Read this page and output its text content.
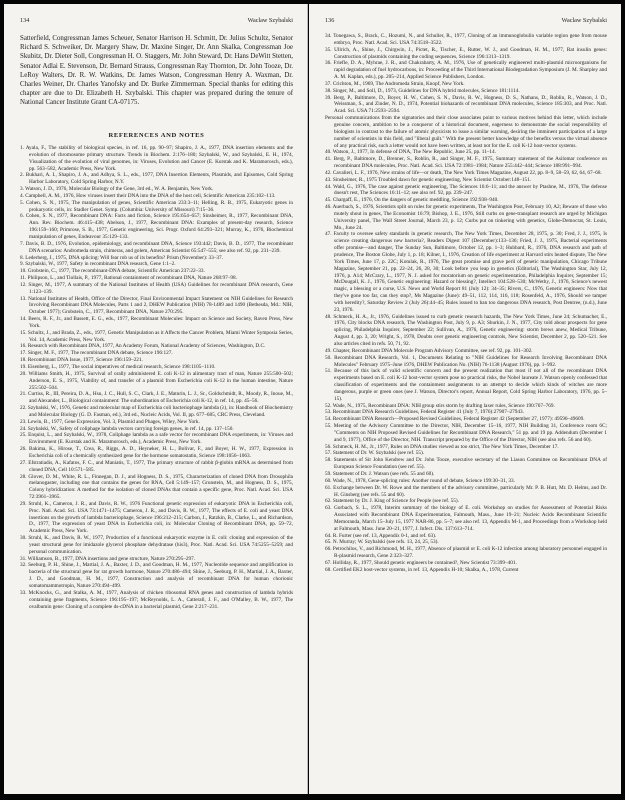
134	Waclaw Szybalski

Satterfield, Congressman James Scheuer, Senator Harrison H. Schmitt, Dr. Julius Schultz, Senator Richard S. Schweiker, Dr. Margery Shaw, Dr. Maxine Singer, Dr. Ann Skalka, Congressman Joe Skubitz, Dr. Dieter Soll, Congressman H. O. Staggers, Mr. John Steward, Dr. Hans DeWitt Stetten, Senator Adlai E. Stevenson, Dr. Bernard Strauss, Congressman Ray Thornton, Dr. John Tooze, Dr. LeRoy Walters, Dr. R. W. Watkins, Dr. James Watson, Congressman Henry A. Waxman, Dr. Charles Weiner, Dr. Charles Yanofsky and Dr. Burke Zimmerman. Special thanks for editing this chapter are due to Dr. Elizabeth H. Szybalski. This chapter was prepared during the tenure of National Cancer Institute Grant CA-07175.

REFERENCES AND NOTES
1. Ayala, F., The stability of biological species, in ref. 16, pp. 90–97; Shapiro, J. A., 1977, DNA insertion elements and the evolution of chromosome primary structure. Trends in Biochem. 2:176–180; Szybalski, W., and Szybalski, E. H., 1974, Visualization of the evolution of viral genomes, in: Viruses, Evolution and Cancer (E. Kurstak and K. Maramorosch, eds.), pp. 563–582, Academic Press, New York.
2. Bukhari, A. I., Shapiro, J. A., and Adhya, S. L., eds., 1977, DNA Insertion Elements, Plasmids, and Episomes, Cold Spring Harbor Laboratory, Cold Spring Harbor, N.Y.
3. Watson, J. D., 1976, Molecular Biology of the Gene, 3rd ed., W. A. Benjamin, New York.
4. Campbell, A. M., 1976, How viruses insert their DNA into the DNA of the host cell, Scientific American 235:102–113.
5. Cohen, S. N., 1975, The manipulation of genes, Scientific American 233:3–11; Helling, R. B., 1975, Eukaryotic genes in prokaryotic cells, in: Stadler Genet. Symp. (Columbia: University of Missouri) 7:15–36.
6. Cohen, S. N., 1977, Recombinant DNA: Facts and fiction, Science 195:654–657; Sinsheimer, R., 1977, Recombinant DNA, Ann. Rev. Biochem. 46:415–438; Abelson, J., 1977, Recombinant DNA: Examples of present-day research, Science 196:159–160; Primrose, S. B., 1977, Genetic engineering, Sci. Progr. Oxford 64:293–321; Murray, K., 1976, Biochemical manipulation of genes, Endeavour 35:129–133.
7. Davis, B. D., 1976, Evolution, epidemiology, and recombinant DNA, Science 193:442; Davis, B. D., 1977, The recombinant DNA scenarios: Andromeda strain, chimeras, and golem, American Scientist 65:547–555; see also ref. 92, pp. 231–239.
8. Lederberg, J., 1975, DNA splicing: Will fear rob us of its benefits? Prism (November): 33–37.
9. Szybalski, W., 1977, Safety in recombinant DNA research, Gene 1:1–2.
10. Grobstein, C., 1977, The recombinant-DNA debate, Scientific American 237:22–33.
11. Philipson, L., and Tiollais, P., 1977, Rational containment of recombinant DNA, Nature 268:97–98.
12. Singer, M., 1977, A summary of the National Institutes of Health (USA) Guidelines for recombinant DNA research, Gene 1:123–139.
13. National Institutes of Health, Office of the Director, Final Environmental Impact Statement on NIH Guidelines for Research Involving Recombinant DNA Molecules, Parts 1 and 2, DHEW Publication (NIH) 78-1489 and 1490 (Bethesda, Md.: NIH, October 1977); Grobstein, C., 1977, Recombinant DNA, Nature 270:295.
14. Beers, R. F., Jr., and Bassett, E. G., eds., 1977, Recombinant Molecules: Impact on Science and Society, Raven Press, New York.
15. Schultz, J., and Brada, Z., eds., 1977, Genetic Manipulation as it Affects the Cancer Problem, Miami Winter Symposia Series, Vol. 14, Academic Press, New York.
16. Research with Recombinant DNA, 1977, An Academy Forum, National Academy of Sciences, Washington, D.C.
17. Singer, M. F., 1977, The recombinant DNA debate, Science 196:127.
18. Recombinant DNA Issue, 1977, Science 196:159–221.
19. Eisenberg, L., 1977, The social imperatives of medical research, Science 198:1105–1110.
20. Williams Smith, H., 1975, Survival of orally administered E. coli K-12 in alimentary tract of man, Nature 255:500–502; Anderson, E. S., 1975, Viability of, and transfer of a plasmid from Escherichia coli K-12 in the human intestine, Nature 255:502–504.
21. Curtiss, R., III, Pereira, D. A., Hsu, J. C., Hull, S. C., Clark, J. E., Maturin, L. J., Sr., Goldschmidt, R., Moody, R., Inoue, M., and Alexander, L., Biological containment: The subordination of Escherichia coli K-12, in ref. 14, pp. 45–56.
22. Szybalski, W., 1976, Genetic and molecular map of Escherichia coli bacteriophage lambda (λ), in: Handbook of Biochemistry and Molecular Biology (G. D. Fasman, ed.), 3rd ed., Nucleic Acids, Vol. II, pp. 677–685, CRC Press, Cleveland.
23. Lewin, B., 1977, Gene Expression, Vol. 3, Plasmid and Phages, Wiley, New York.
24. Szybalski, W., Safety of coliphage lambda vectors carrying foreign genes, in ref. 14, pp. 137–150.
25. Enquist, L., and Szybalski, W., 1978, Coliphage lambda as a safe vector for recombinant DNA experiments, in: Viruses and Environment (E. Kurstak and K. Maramorosch, eds.), Academic Press, New York.
26. Bakima, K., Hirose, T., Crea, R., Riggs, A. D., Heyneker, H. L., Bolivar, F., and Boyer, H. W., 1977, Expression in Escherichia coli of a chemically synthesized gene for the hormone somatostatin, Science 198:1056–1063.
27. Efstratiadis, A., Kafatos, F. C., and Maniatis, T., 1977, The primary structure of rabbit β-globin mRNA as determined from cloned DNA, Cell 10:571–585.
28. Glover, D. M., White, R. L., Finnegan, D. J., and Hogness, D. S., 1975, Characterization of cloned DNA from Drosophila melanogaster, including one that contains the genes for RNA, Cell 5:149–157; Grunstein, M., and Hogness, D. S., 1975, Colony hybridization: A method for the isolation of cloned DNAs that contain a specific gene, Proc. Natl. Acad. Sci. USA 72:3961–3965.
29. Struhl, K., Cameron, J. R., and Davis, R. W., 1976 Functional genetic expression of eukaryotic DNA in Escherichia coli, Proc. Natl. Acad. Sci. USA 73:1471–1475; Cameron, J. R., and Davis, R. W., 1977, The effects of E. coli and yeast DNA insertions on the growth of lambda bacteriophage, Science 196:212–215; Carbon, J., Ratzkin, B., Clarke, L., and Richardson, D., 1977, The expression of yeast DNA in Escherichia coli, in: Molecular Cloning of Recombinant DNA, pp. 59–72, Academic Press, New York.
30. Struhl, K., and Davis, R. W., 1977, Production of a functional eukaryotic enzyme in E. coli: cloning and expression of the yeast structural gene for imidazole glycerol phosphate dehydratase (his3), Proc. Natl. Acad. Sci. USA 74:5255–5259; and personal communication.
31. Williamson, B., 1977, DNA insertions and gene structure, Nature 270:295–297.
32. Seeburg, P. H., Shine, J., Martial, J. A., Baxter, J. D., and Goodman, H. M., 1977, Nucleotide sequence and amplification in bacteria of the structural gene for rat growth hormone, Nature 270:486–494; Shine, J., Seeburg, P. H., Martial, J. A., Baxter, J. D., and Goodman, H. M., 1977, Construction and analysis of recombinant DNA for human chorionic somatomammotropin, Nature 270:494–499.
33. McKnocks, G., and Stalka, A. M., 1977, Analysis of chicken ribosomal RNA genes and construction of lambda hybrids containing gene fragments, Science 196:195–197; McReynolds, L. A., Catterall, J. F., and O'Malley, B. W., 1977, The ovalbumin gene: Cloning of a complete ds-cDNA in a bacterial plasmid, Gene 2:217–231.
136	Waclaw Szybalski
34. Tonegawa, S., Brack, C., Hozumi, N., and Schuller, R., 1977, Cloning of an immunoglobulin variable region gene from mouse embryo, Proc. Natl. Acad. Sci. USA 74:3518–3522.
35. Ullrich, A., Shine, J., Chirgwin, J., Pictet, R., Tischer, E., Rutter, W. J., and Goodman, H. M., 1977, Rat insulin genes: Construction of plasmids containing the coding sequences, Science 196:1313–1319.
36. Friefle, D. A., Myhrae, J. R., and Chakrabarty, A. M., 1976, Use of genetically engineered multi-plasmid microorganisms for rapid degradation of fuel hydrocarbons, in: Proceeding of the Third International Biodegradation Symposium (J. M. Sharpley and A. M. Kaplan, eds.), pp. 205–214, Applied Science Publishers, London.
37. Crichton, M., 1969, The Andromeda Strain, Knopf, New York.
38. Singer, M., and Soll, D., 1973, Guidelines for DNA hybrid molecules, Science 181:1114.
39. Berg, P., Baltimore, D., Boyer, H. W., Cohen, S. N., Davis, R. W., Hogness, D. S., Nathans, D., Roblin, R., Watson, J. D., Weissman, S., and Zinder, N. D., 1974, Potential biohazards of recombinant DNA molecules, Science 185:303, and Proc. Natl. Acad. Sci. USA 71:2593–2594.
Personal communications from the signatories and their close associates point to various motives behind this letter, which include genuine concern, ambition to be a conqueror of a historical document, eagerness to demonstrate the social responsibility of biologists in contrast to the failure of atomic physicists to issue a similar warning, desiring the imminent participation of a large number of scientists in this field, and "liberal guilt." With the present better knowledge of the benefits versus the virtual absence of any practical risk, such a letter would not have been written, at least not for the E. coli K-12 host-vector systems.
40. Watson, J., 1977, In defense of DNA, The New Republic, June 25, pp. 11–14.
41. Berg, P., Baltimore, D., Brenner, S., Roblin, R., and Singer, M. F., 1975, Summary statement of the Asilomar conference on recombinant DNA molecules, Proc. Natl. Acad. Sci. USA 72:1981–1984; Nature 255:442–444; Science 188:991–994.
42. Cavalieri, L. F., 1976, New strains of life—or death, The New York Times Magazine, August 22, pp. 8–9, 58–59, 62, 64, 67–68.
43. Sinsheimer, R., 1975 Troubled dawn for genetic engineering, New Scientist October:148–151.
44. Wald, G., 1976, The case against genetic engineering, The Sciences 16:6–11; and the answer by Ptashne, M., 1976, The defense doesn't rest, The Sciences 16:11–12; see also ref. 92, pp. 239–247.
45. Chargaff, E., 1976, On the dangers of genetic meddling, Science 192:938–940.
46. Auerbach, S., 1976, Scientists split on rules for genetic experiments, The Washington Post, February 10, A2; Beware of those who mutely shout in genes, The Economist 16:79; Bishop, J. E., 1976, Still curbs on gene-transplant research are urged by Michigan University panel, The Wall Street Journal, March 23, p. 12; Curbs put on tinkering with genetics, Globe-Democrat, St. Louis, Mo., June 24.
47. Faculty to oversee safety standards in genetic research, The New York Times, December 28, 1975, p. 30; Fred, J. J., 1975, Is science creating dangerous new bacteria?, Readers Digest 107 (December):133–136; Fried, J. J., 1975, Bacterial experiments offer promise—and danger, The Sunday Sun, Baltimore, October 12, pp. 1–3; Hubbard, R., 1976, DNA research and path of prudence, The Boston Globe, July 1, p. 18; Kilner, I., 1976, Creation of life experiment at Harvard stirs heated dispute, The New York Times, June 17, p. 22C; Kotulak, R., 1976, The great promise and grave peril of genetic manipulation, Chicago Tribune Magazine, September 21, pp. 22–24, 26, 28, 30; Look before you leap in genetics (Editorial), The Washington Star, July 12, 1976, p. A14; McCrary, L., 1977, N. J. asked for moratorium on genetic experimentation, Philadelphia Inquirer, September 15; McDougall, K. J., 1976, Genetic engineering: Hazard or blessing?, Intellect 104:528–530; McWethy, J., 1976, Science's newest magic, a blessing or a curse, U.S. News and World Report 81 (July 12): 34–35; Rivers, C., 1976, Genetic engineers: Now that they've gone too far, can they stop?, Ms Magazine (June): 49–51, 112, 114, 116, 118; Rosenfeld, A., 1976, Should we tamper with heredity?, Saturday Review 2 (July 26):44–45; Rules issued to ban too dangerous DNA research, Post Dentree, (n.d.), June 23, 1976.
48. Schmeck, H. A., Jr., 1976, Guidelines issued to curb genetic research hazards, The New York Times, June 24; Schumacher, E., 1976, City blocks DNA research, The Washington Post, July 9, p. A3; Shurkin, J. N., 1977, City told about prospects for gene splicing, Philadelphia Inquirer, September 22; Sullivan, A., 1976, Genetic engineering: storm brews anew, Medical Tribune, August 4, pp. 3, 20; Wright, S., 1978, Doubts over genetic engineering controls, New Scientist, December 2, pp. 520–521. See also articles cited in refs. 50, 71, 92.
49. Chapter, Recombinant DNA Molecule Program Advisory Committee, see ref. 92, pp. 101–302.
50. Recombinant DNA Research, Vol. 1, Documents Relating to "NIH Guidelines for Research Involving Recombinant DNA Molecules" February 1975–June 1976, DHEW Publication No. (NIH) 76-1138 (August 1976), pp. 1–992.
51. Because of this lack of valid scientific concern and the present realization that most if not all of the recombinant DNA experiments based on E. coli K-12 host-vector system pose no practical risks, the Nobel laureate J. Watson openly confessed that classification of experiments and the containment assignments to an attempt to decide which kinds of witches are more dangerous, purple or green ones (see J. Watson, Director's report, Annual Report, Cold Spring Harbor Laboratory, 1976, pp. 5–15).
52. Wade, N., 1975, Recombinant DNA: NIH group stirs storm by drafting laxer rules, Science 190:767–769.
53. Recombinant DNA Research Guidelines, Federal Register 41 (July 7, 1976):27907–27943.
54. Recombinant DNA Research—Proposed Revised Guidelines, Federal Register 42 (September 27, 1977): 49596–49609.
55. Meeting of the Advisory Committee to the Director, NIH, December 15–16, 1977, NIH Building 31, Conference room 6C; "Comments on NIH Proposed Revised Guidelines for Recombinant DNA Research," 51 pp. and 19 pp. Addendum (December 1 and 9, 1977), Office of the Director, NIH. Transcript prepared by the Office of the Director, NIH (see also refs. 56 and 60).
56. Schmeck, H. M., Jr., 1977, Rules on DNA studies viewed as too strict, The New York Times, December 17.
57. Statement of Dr. W. Szybalski (see ref. 55).
58. Statements of Sir John Kendrew and Dr. John Tooze, executive secretary of the Liason Committee on Recombinant DNA of European Science Foundation (see ref. 55).
59. Statement of Dr. J. Watson (see refs. 55 and 60).
60. Wade, N., 1978, Gene-splicing rules: Another round of debate, Science 199:30–31, 33.
61. Exchange between Dr. W. Rowe and the members of the advisory committee, particularly Mr. P. B. Hutt, Mr. D. Helms, and Dr. H. Ginsberg (see refs. 55 and 60).
62. Statement by Dr. J. King of Science for People (see ref. 55).
63. Gorbach, S. L., 1978, Interim summary of the biology of E. coli. Workshop on studies for Assessment of Potential Risks Associated with Recombinant DNA Experimentation, Falmouth, Mass., June 19–21; Nucleic Acids Recombinant Scientific Memoranda, March 15–July 15, 1977 NAR-86, pp. 5–7; see also ref. 13, Appendix M-1, and Proceedings from a Workshop held at Falmouth, Mass. June 20–21, 1977, J. Infect. Dis. 137:613–714.
64. R. Furter (see ref. 13, Appendix 0-1, and ref. 63).
65. N. Murray; W. Szybalski (see refs. 13, 24, 25, 53).
66. Petrochilos, V., and Richmond, M. H., 1977, Absence of plasmid or E. coli K-12 infection among laboratory personnel engaged in R-plasmid research, Gene 2:323–327.
67. Holliday, R., 1977, Should genetic engineers be contained?, New Scientist 73:399–401.
68. Certified EK2 host-vector systems, in ref. 13, Appendix H-10; Skalka, A., 1978, Current
